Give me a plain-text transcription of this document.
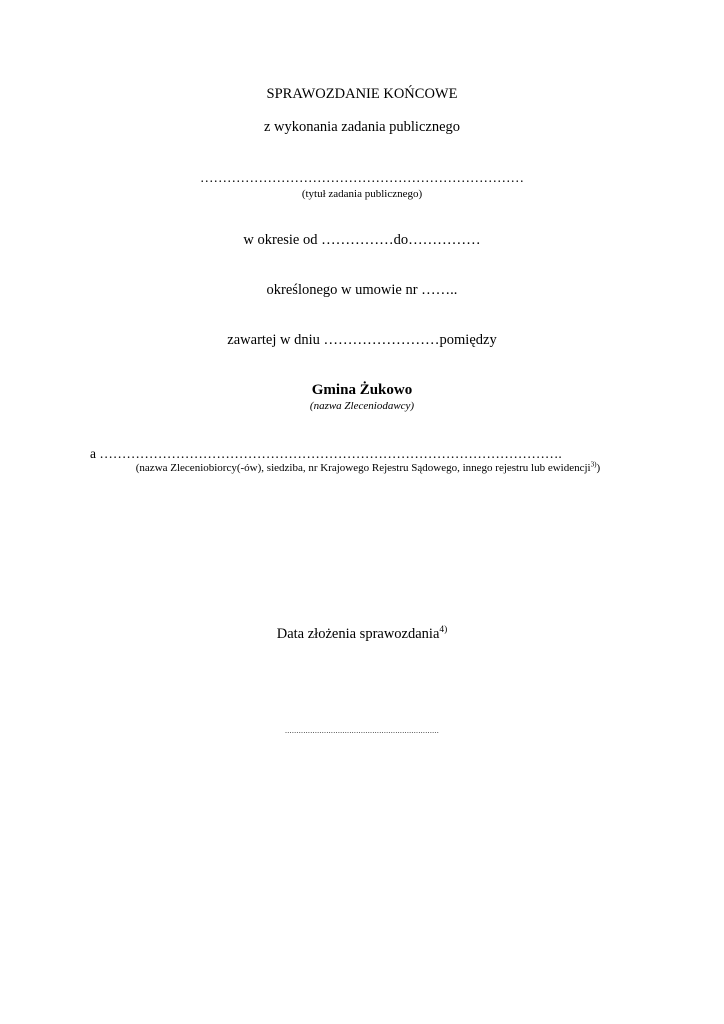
SPRAWOZDANIE KOŃCOWE
z wykonania zadania publicznego
………………………………………………………………
(tytuł zadania publicznego)
w okresie od ……………do……………
określonego w umowie nr ……..
zawartej w dniu ……………………pomiędzy
Gmina Żukowo
(nazwa Zleceniodawcy)
a ………………………………………………………………………………………….
(nazwa Zleceniobiorcy(-ów), siedziba, nr Krajowego Rejestru Sądowego, innego rejestru lub ewidencji$^{3)}$)
Data złożenia sprawozdania$^{4)}$
...................................................................
